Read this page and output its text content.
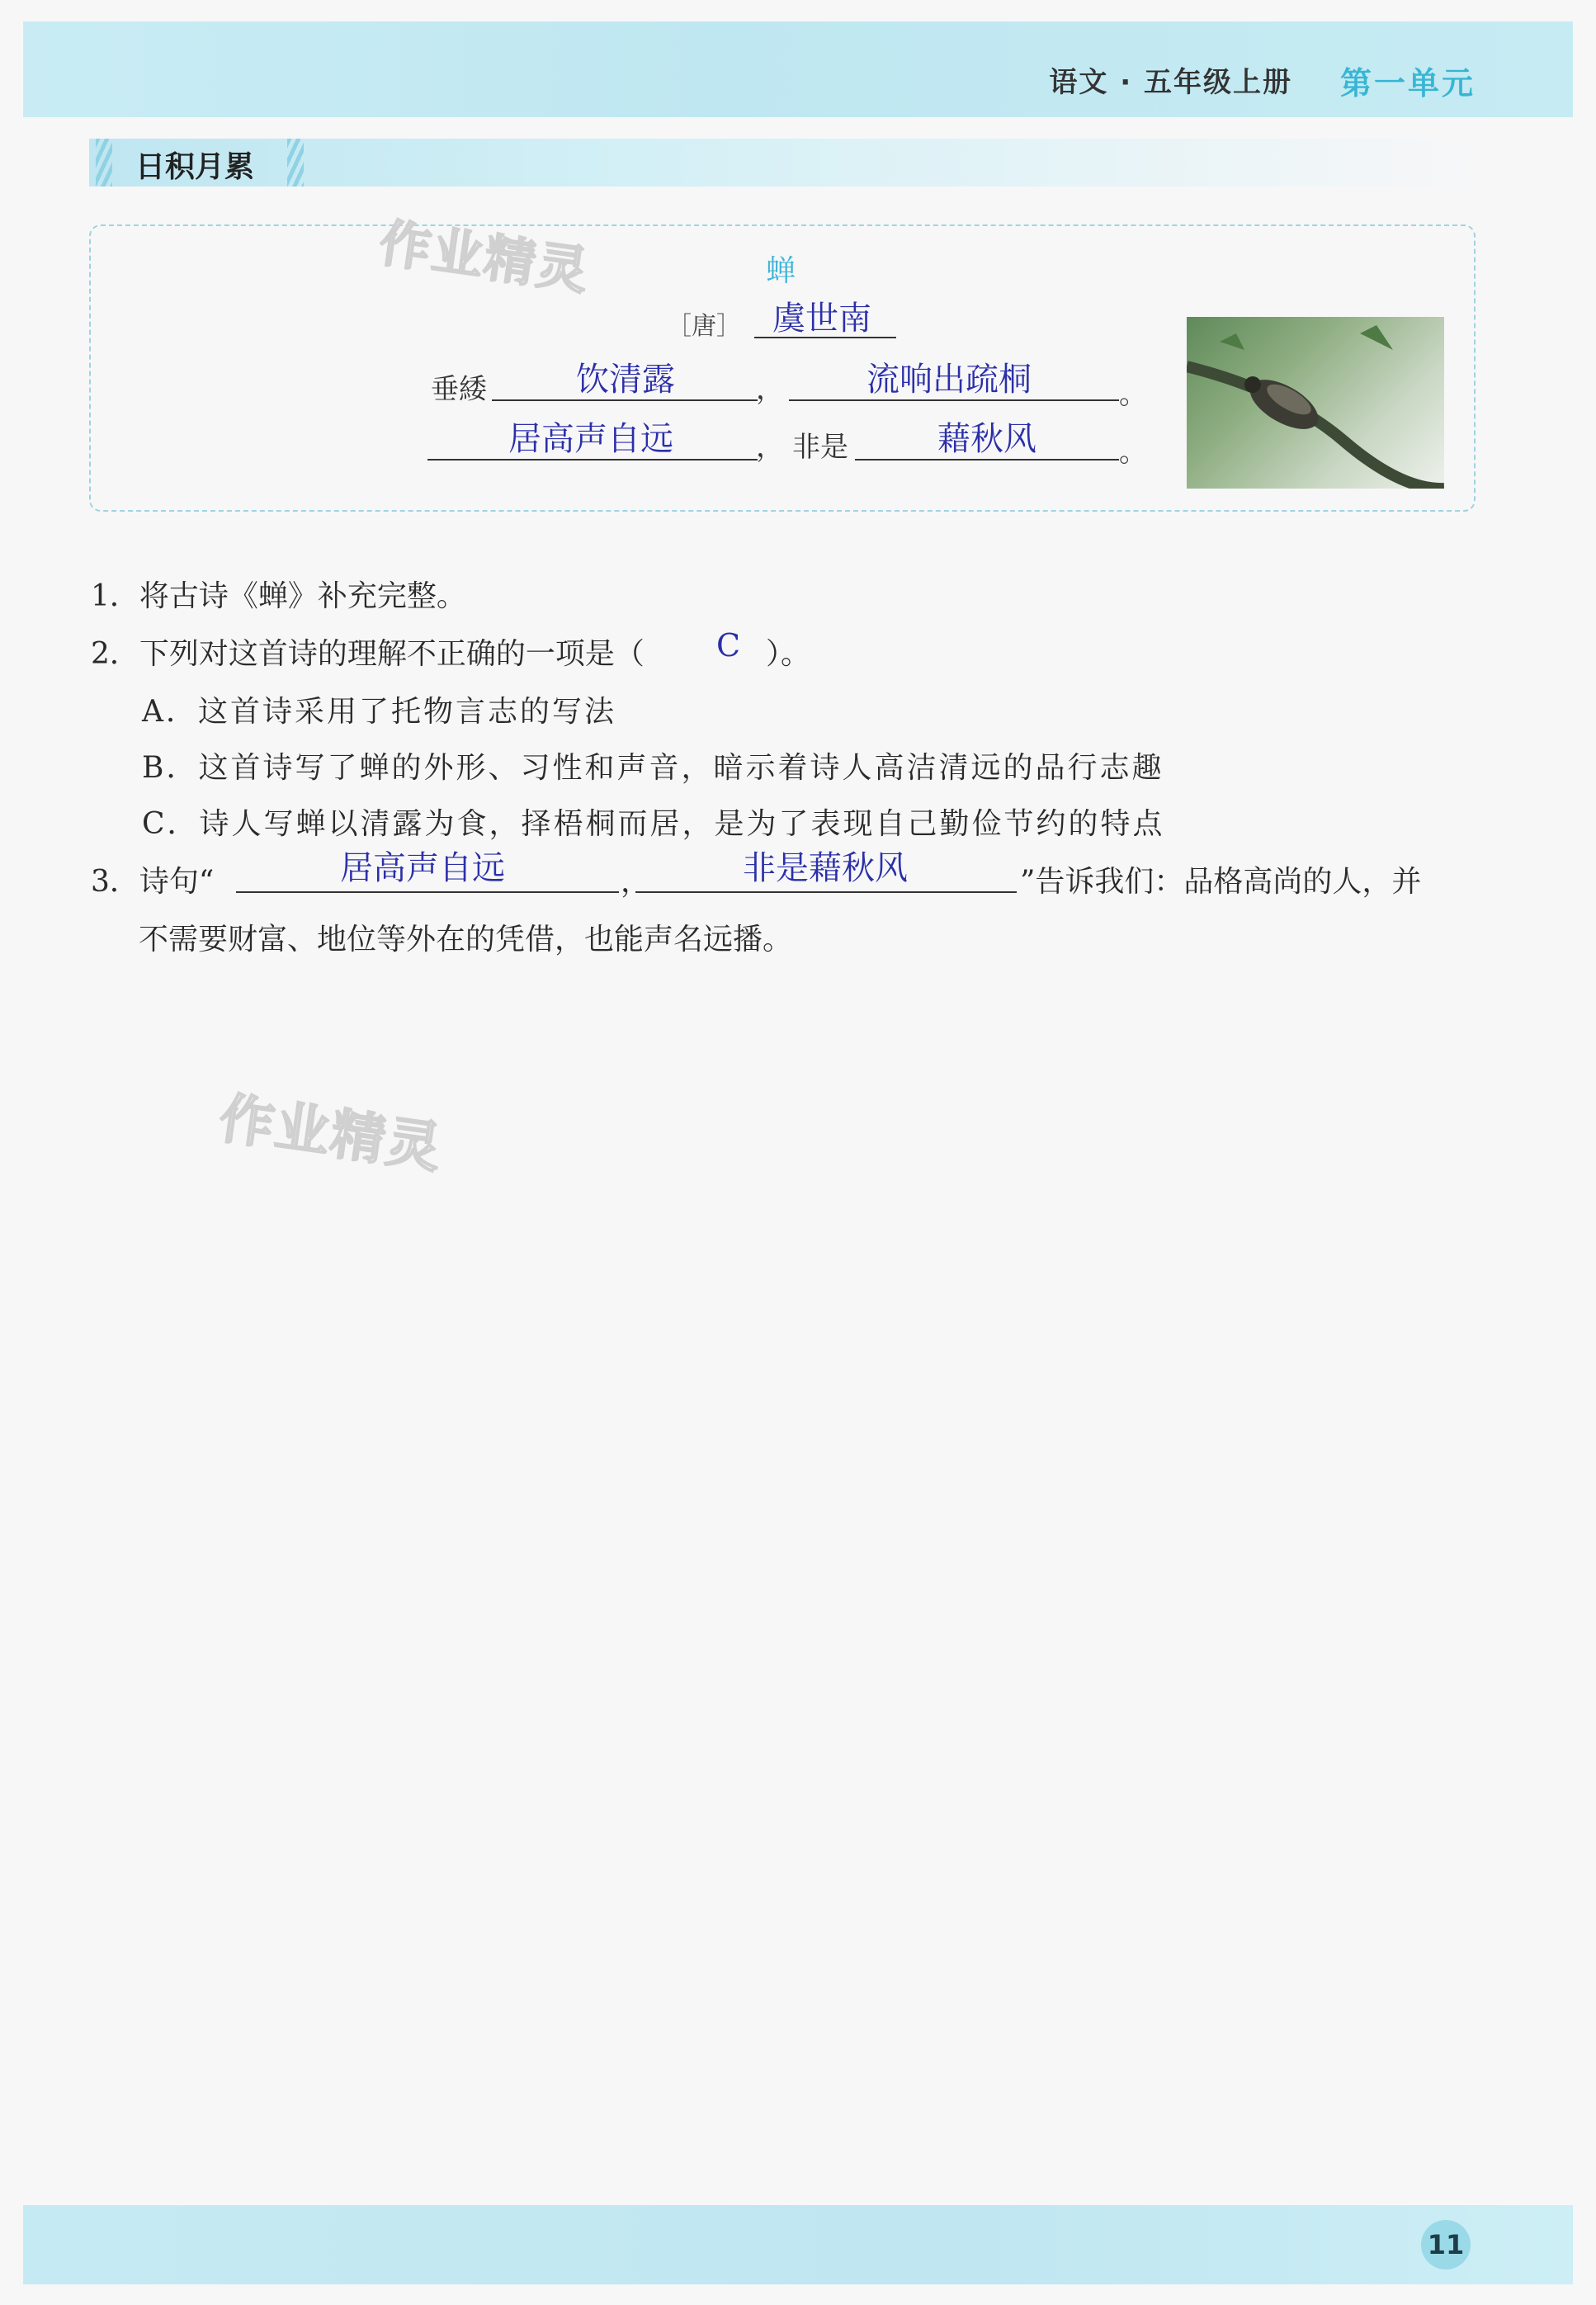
语文 · 五年级上册 第一单元
日积月累
作业精灵	蝉
［唐］ 虞世南
垂緌	饮清露	，	流响出疏桐	。
居高声自远	， 非是	藉秋风	。
1．将古诗《蝉》补充完整。
2．下列对这首诗的理解不正确的一项是（ C ）。
A．这首诗采用了托物言志的写法
B．这首诗写了蝉的外形、习性和声音，暗示着诗人高洁清远的品行志趣
C．诗人写蝉以清露为食，择梧桐而居，是为了表现自己勤俭节约的特点
3．诗句“	居高声自远	，	非是藉秋风	”告诉我们：品格高尚的人，并
不需要财富、地位等外在的凭借，也能声名远播。
作业精灵
11
